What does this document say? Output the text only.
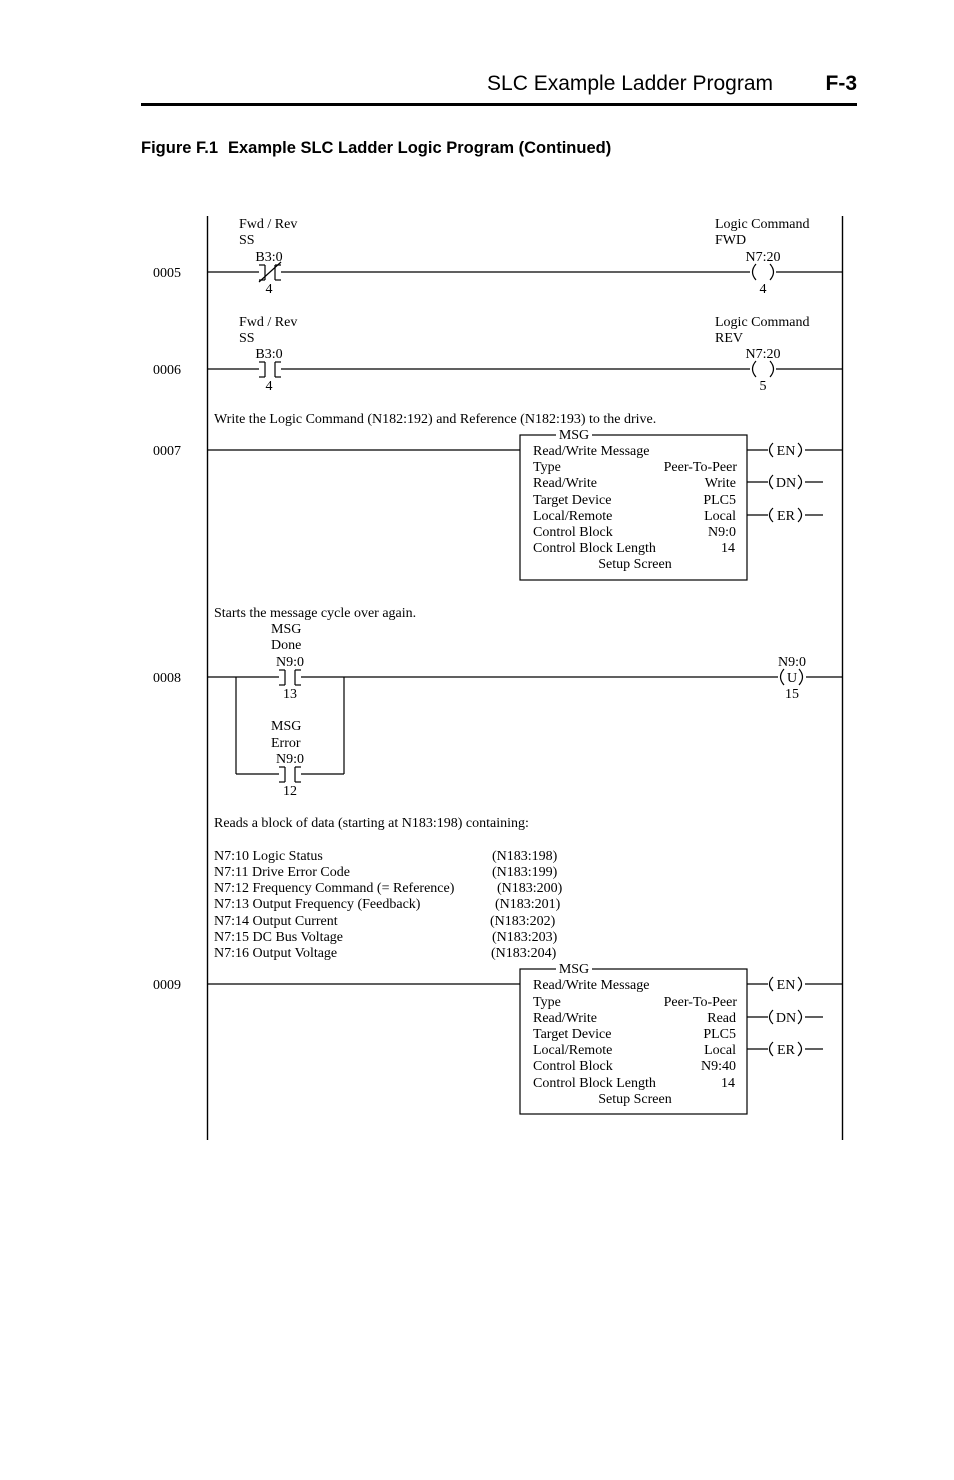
SLC Example Ladder Program	F-3
Figure F.1 Example SLC Ladder Logic Program (Continued)
0005
Fwd / Rev
SS
B3:0
4
Logic Command
FWD
N7:20
4
0006
Fwd / Rev
SS
B3:0
4
Logic Command
REV
N7:20
5
Write the Logic Command (N182:192) and Reference (N182:193) to the drive.
0007
MSG
Read/Write Message
Type	Peer-To-Peer
Read/Write	Write
Target Device	PLC5
Local/Remote	Local
Control Block	N9:0
Control Block Length	14
Setup Screen
EN
DN
ER
Starts the message cycle over again.
0008
MSG
Done
N9:0
13
MSG
Error
N9:0
12
N9:0
U
15
Reads a block of data (starting at N183:198) containing:
N7:10 Logic Status	(N183:198)
N7:11 Drive Error Code	(N183:199)
N7:12 Frequency Command (= Reference)	(N183:200)
N7:13 Output Frequency (Feedback)	(N183:201)
N7:14 Output Current	(N183:202)
N7:15 DC Bus Voltage	(N183:203)
N7:16 Output Voltage	(N183:204)
0009
MSG
Read/Write Message
Type	Peer-To-Peer
Read/Write	Read
Target Device	PLC5
Local/Remote	Local
Control Block	N9:40
Control Block Length	14
Setup Screen
EN
DN
ER
